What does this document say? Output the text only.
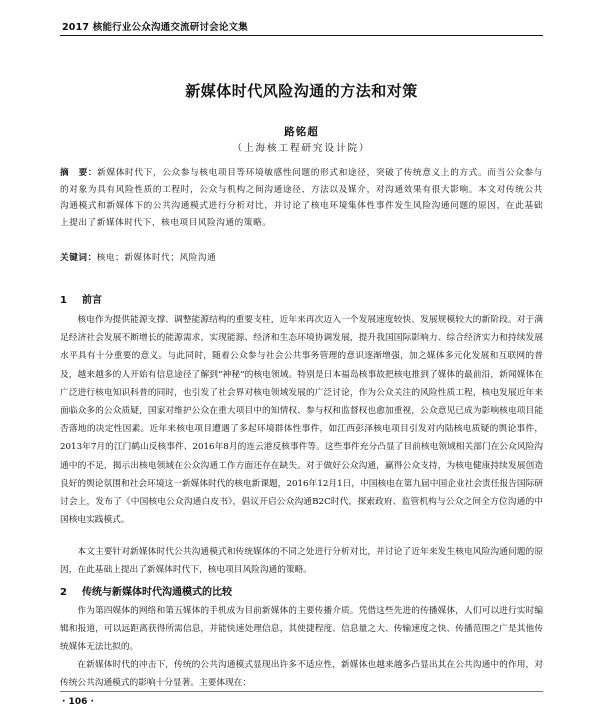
2017 核能行业公众沟通交流研讨会论文集
新媒体时代风险沟通的方法和对策
路铭超
（上海核工程研究设计院）
摘　要：新媒体时代下，公众参与核电项目等环境敏感性问题的形式和途径，突破了传统意义上的方式。而当公众参与的对象为具有风险性质的工程时，公众与机构之间沟通途径、方法以及媒介，对沟通效果有很大影响。本文对传统公共沟通模式和新媒体下的公共沟通模式进行分析对比，并讨论了核电环境集体性事件发生风险沟通问题的原因，在此基础上提出了新媒体时代下，核电项目风险沟通的策略。
关键词：核电；新媒体时代；风险沟通
1 前言
核电作为提供能源支撑、调整能源结构的重要支柱，近年来再次迈入一个发展速度较快、发展规模较大的新阶段。对于满足经济社会发展不断增长的能源需求，实现能源、经济和生态环境协调发展，提升我国国际影响力、综合经济实力和持续发展水平具有十分重要的意义。与此同时，随着公众参与社会公共事务管理的意识逐渐增强，加之媒体多元化发展和互联网的普及，越来越多的人开始有信息途径了解到“神秘”的核电领域。特别是日本福岛核事故把核电推到了媒体的最前沿，新闻媒体在广泛进行核电知识科普的同时，也引发了社会界对核电领域发展的广泛讨论，作为公众关注的风险性质工程，核电发展近年来面临众多的公众质疑，国家对维护公众在重大项目中的知情权、参与权和监督权也愈加重视，公众意见已成为影响核电项目能否落地的决定性因素。近年来核电项目遭遇了多起环境群体性事件，如江西彭泽核电项目引发对内陆核电质疑的舆论事件，2013年7月的江门鹤山反核事件、2016年8月的连云港反核事件等。这些事件充分凸显了目前核电领域相关部门在公众风险沟通中的不足，揭示出核电领域在公众沟通工作方面还存在缺失。对于做好公众沟通，赢得公众支持，为核电健康持续发展创造良好的舆论氛围和社会环境这一新媒体时代的核电新课题，2016年12月1日，中国核电在第九届中国企业社会责任报告国际研讨会上，发布了《中国核电公众沟通白皮书》，倡议开启公众沟通B2C时代，探索政府、监管机构与公众之间全方位沟通的中国核电实践模式。
本文主要针对新媒体时代公共沟通模式和传统媒体的不同之处进行分析对比，并讨论了近年来发生核电风险沟通问题的原因，在此基础上提出了新媒体时代下，核电项目风险沟通的策略。
2 传统与新媒体时代沟通模式的比较
作为第四媒体的网络和第五媒体的手机成为目前新媒体的主要传播介质。凭借这些先进的传播媒体，人们可以进行实时编辑和报道，可以远距离获得所需信息，并能快速处理信息，其使捷程度、信息量之大、传输速度之快、传播范围之广是其他传统媒体无法比拟的。
在新媒体时代的冲击下，传统的公共沟通模式显现出许多不适应性，新媒体也越来越多凸显出其在公共沟通中的作用，对传统公共沟通模式的影响十分显著。主要体现在：
· 106 ·
